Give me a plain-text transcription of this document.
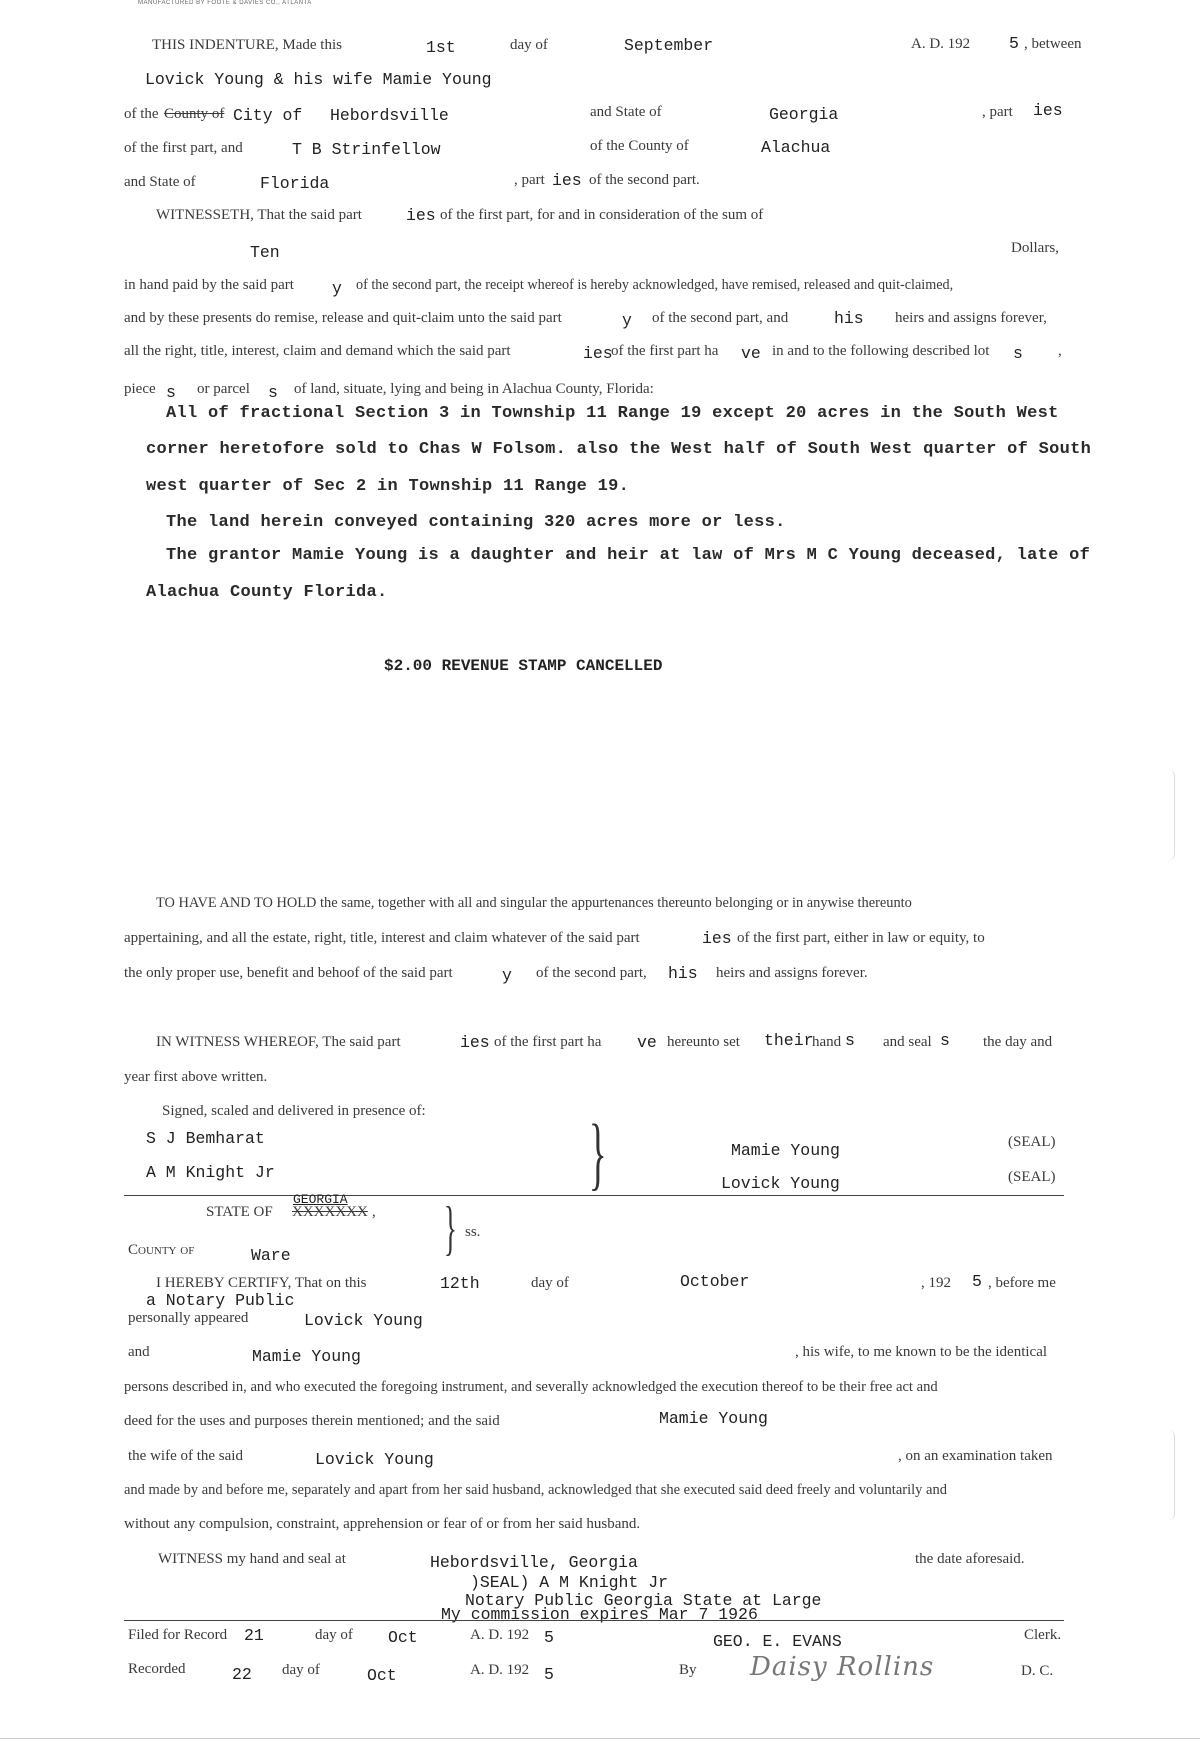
MANUFACTURED BY FOOTE & DAVIES CO., ATLANTA
THIS INDENTURE, Made this	1st	day of	September	A. D. 192 5 , between
Lovick Young & his wife Mamie Young
of the County of City of Hebordsville	and State of	Georgia	, part ies
of the first part, and	T B Strinfellow	of the County of	Alachua
and State of	Florida	, part ies of the second part.
WITNESSETH, That the said part	ies of the first part, for and in consideration of the sum of
Ten	Dollars,
in hand paid by the said part y of the second part, the receipt whereof is hereby acknowledged, have remised, released and quit-claimed,
and by these presents do remise, release and quit-claim unto the said part	y of the second part, and	his heirs and assigns forever,
all the right, title, interest, claim and demand which the said part	ies
of the first part ha ve in and to the following described lot s ,
piece s or parcel s of land, situate, lying and being in Alachua County, Florida:
All of fractional Section 3 in Township 11 Range 19 except 20 acres in the South West
corner heretofore sold to Chas W Folsom. also the West half of South West quarter of South
west quarter of Sec 2 in Township 11 Range 19.
The land herein conveyed containing 320 acres more or less.
The grantor Mamie Young is a daughter and heir at law of Mrs M C Young deceased, late of
Alachua County Florida.
$2.00 REVENUE STAMP CANCELLED
TO HAVE AND TO HOLD the same, together with all and singular the appurtenances thereunto belonging or in anywise thereunto
appertaining, and all the estate, right, title, interest and claim whatever of the said part	ies of the first part, either in law or equity, to
the only proper use, benefit and behoof of the said part	y of the second part, his heirs and assigns forever.
IN WITNESS WHEREOF, The said part	ies of the first part ha ve hereunto set their
hand s and seal s the day and
year first above written.
Signed, scaled and delivered in presence of:
S J Bemharat
A M Knight Jr	}	Mamie Young
Lovick Young
(SEAL)
(SEAL)
STATE OF XXXXXXX
GEORGIA
, } ss.
County of	Ware
I HEREBY CERTIFY, That on this	12th	day of	October	, 192 5 , before me
a Notary Public
personally appeared	Lovick Young
and	Mamie Young	, his wife, to me known to be the identical
persons described in, and who executed the foregoing instrument, and severally acknowledged the execution thereof to be their free act and
deed for the uses and purposes therein mentioned; and the said	Mamie Young
the wife of the said	Lovick Young	, on an examination taken
and made by and before me, separately and apart from her said husband, acknowledged that she executed said deed freely and voluntarily and
without any compulsion, constraint, apprehension or fear of or from her said husband.
WITNESS my hand and seal at	Hebordsville, Georgia	the date aforesaid.
)SEAL) A M Knight Jr
Notary Public Georgia State at Large
My commission expires Mar 7 1926
Filed for Record 21	day of Oct	A. D. 192 5	GEO. E. EVANS	Clerk.
Recorded	22 day of	Oct	A. D. 192 5	By Daisy Rollins	D. C.
